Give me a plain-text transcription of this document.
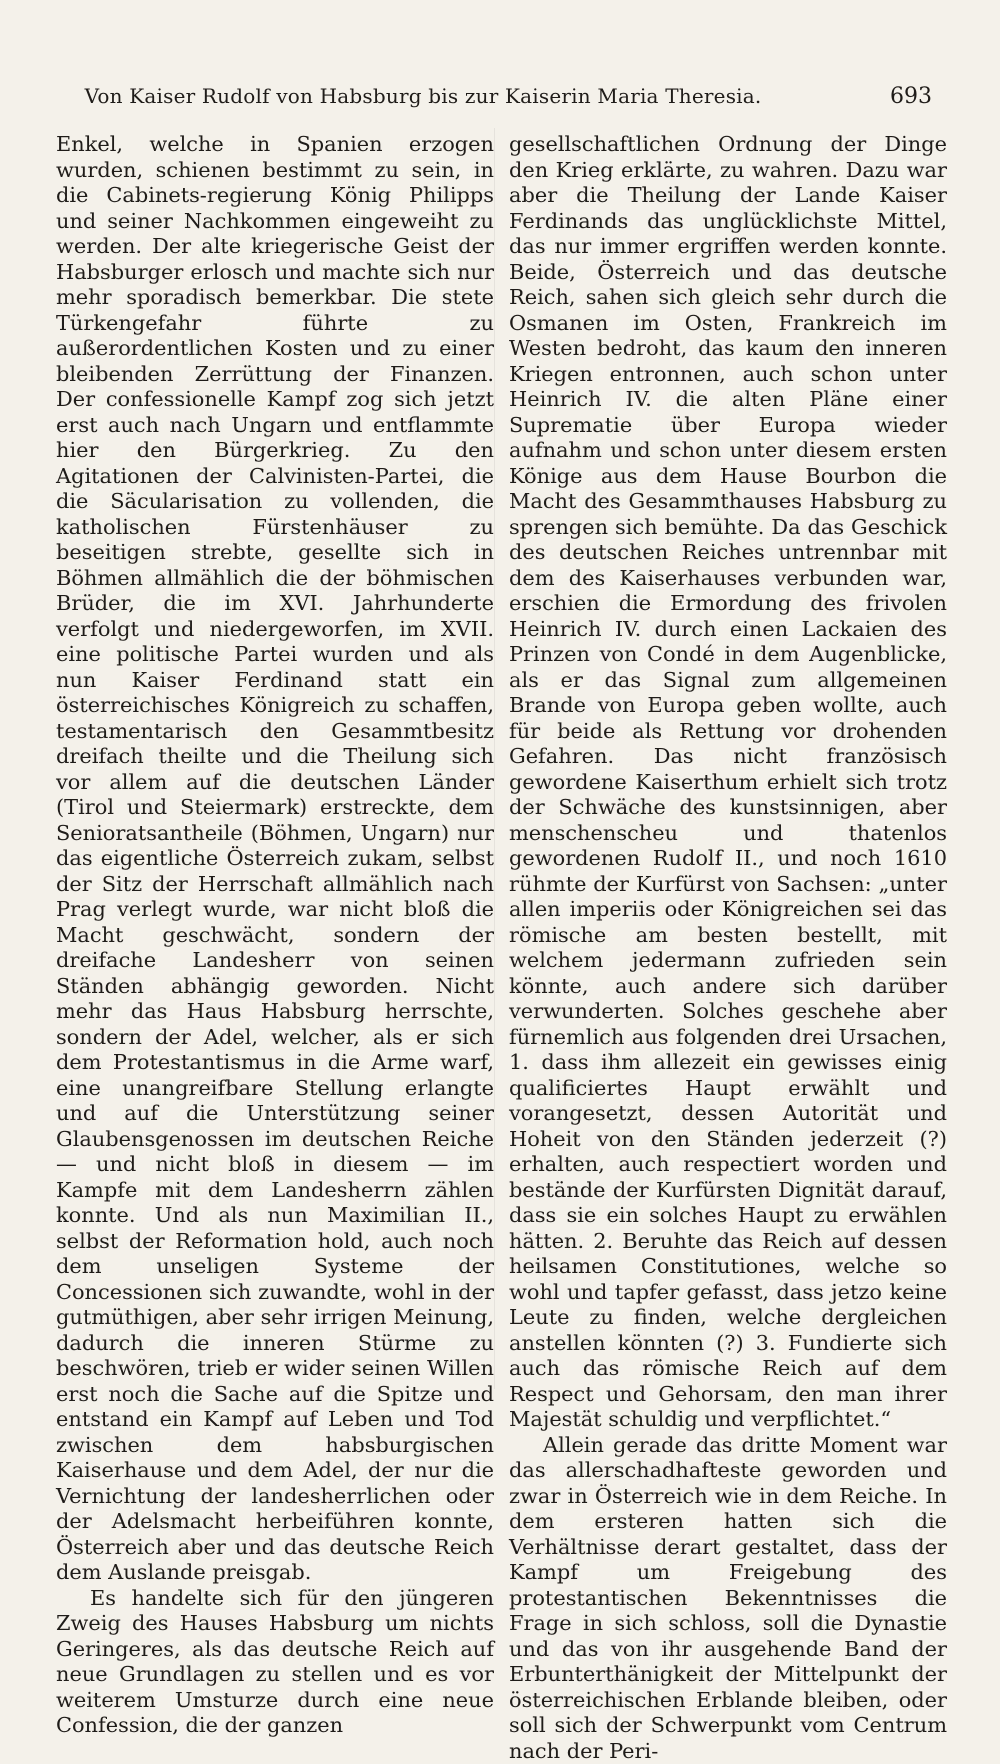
Von Kaiser Rudolf von Habsburg bis zur Kaiserin Maria Theresia.	693

Enkel, welche in Spanien erzogen wurden, schienen bestimmt zu sein, in die Cabinets-regierung König Philipps und seiner Nachkommen eingeweiht zu werden. Der alte kriegerische Geist der Habsburger erlosch und machte sich nur mehr sporadisch bemerkbar. Die stete Türkengefahr führte zu außerordentlichen Kosten und zu einer bleibenden Zerrüttung der Finanzen. Der confessionelle Kampf zog sich jetzt erst auch nach Ungarn und entflammte hier den Bürgerkrieg. Zu den Agitationen der Calvinisten-Partei, die die Säcularisation zu vollenden, die katholischen Fürstenhäuser zu beseitigen strebte, gesellte sich in Böhmen allmählich die der böhmischen Brüder, die im XVI. Jahrhunderte verfolgt und niedergeworfen, im XVII. eine politische Partei wurden und als nun Kaiser Ferdinand statt ein österreichisches Königreich zu schaffen, testamentarisch den Gesammtbesitz dreifach theilte und die Theilung sich vor allem auf die deutschen Länder (Tirol und Steiermark) erstreckte, dem Senioratsantheile (Böhmen, Ungarn) nur das eigentliche Österreich zukam, selbst der Sitz der Herrschaft allmählich nach Prag verlegt wurde, war nicht bloß die Macht geschwächt, sondern der dreifache Landesherr von seinen Ständen abhängig geworden. Nicht mehr das Haus Habsburg herrschte, sondern der Adel, welcher, als er sich dem Protestantismus in die Arme warf, eine unangreifbare Stellung erlangte und auf die Unterstützung seiner Glaubensgenossen im deutschen Reiche — und nicht bloß in diesem — im Kampfe mit dem Landesherrn zählen konnte. Und als nun Maximilian II., selbst der Reformation hold, auch noch dem unseligen Systeme der Concessionen sich zuwandte, wohl in der gutmüthigen, aber sehr irrigen Meinung, dadurch die inneren Stürme zu beschwören, trieb er wider seinen Willen erst noch die Sache auf die Spitze und entstand ein Kampf auf Leben und Tod zwischen dem habsburgischen Kaiserhause und dem Adel, der nur die Vernichtung der landesherrlichen oder der Adelsmacht herbeiführen konnte, Österreich aber und das deutsche Reich dem Auslande preisgab.

Es handelte sich für den jüngeren Zweig des Hauses Habsburg um nichts Geringeres, als das deutsche Reich auf neue Grundlagen zu stellen und es vor weiterem Umsturze durch eine neue Confession, die der ganzen

gesellschaftlichen Ordnung der Dinge den Krieg erklärte, zu wahren. Dazu war aber die Theilung der Lande Kaiser Ferdinands das unglücklichste Mittel, das nur immer ergriffen werden konnte. Beide, Österreich und das deutsche Reich, sahen sich gleich sehr durch die Osmanen im Osten, Frankreich im Westen bedroht, das kaum den inneren Kriegen entronnen, auch schon unter Heinrich IV. die alten Pläne einer Suprematie über Europa wieder aufnahm und schon unter diesem ersten Könige aus dem Hause Bourbon die Macht des Gesammthauses Habsburg zu sprengen sich bemühte. Da das Geschick des deutschen Reiches untrennbar mit dem des Kaiserhauses verbunden war, erschien die Ermordung des frivolen Heinrich IV. durch einen Lackaien des Prinzen von Condé in dem Augenblicke, als er das Signal zum allgemeinen Brande von Europa geben wollte, auch für beide als Rettung vor drohenden Gefahren. Das nicht französisch gewordene Kaiserthum erhielt sich trotz der Schwäche des kunstsinnigen, aber menschenscheu und thatenlos gewordenen Rudolf II., und noch 1610 rühmte der Kurfürst von Sachsen: „unter allen imperiis oder Königreichen sei das römische am besten bestellt, mit welchem jedermann zufrieden sein könnte, auch andere sich darüber verwunderten. Solches geschehe aber fürnemlich aus folgenden drei Ursachen, 1. dass ihm allezeit ein gewisses einig qualificiertes Haupt erwählt und vorangesetzt, dessen Autorität und Hoheit von den Ständen jederzeit (?) erhalten, auch respectiert worden und bestände der Kurfürsten Dignität darauf, dass sie ein solches Haupt zu erwählen hätten. 2. Beruhte das Reich auf dessen heilsamen Constitutiones, welche so wohl und tapfer gefasst, dass jetzo keine Leute zu finden, welche dergleichen anstellen könnten (?) 3. Fundierte sich auch das römische Reich auf dem Respect und Gehorsam, den man ihrer Majestät schuldig und verpflichtet.“

Allein gerade das dritte Moment war das allerschadhafteste geworden und zwar in Österreich wie in dem Reiche. In dem ersteren hatten sich die Verhältnisse derart gestaltet, dass der Kampf um Freigebung des protestantischen Bekenntnisses die Frage in sich schloss, soll die Dynastie und das von ihr ausgehende Band der Erbunterthänigkeit der Mittelpunkt der österreichischen Erblande bleiben, oder soll sich der Schwerpunkt vom Centrum nach der Peri-
